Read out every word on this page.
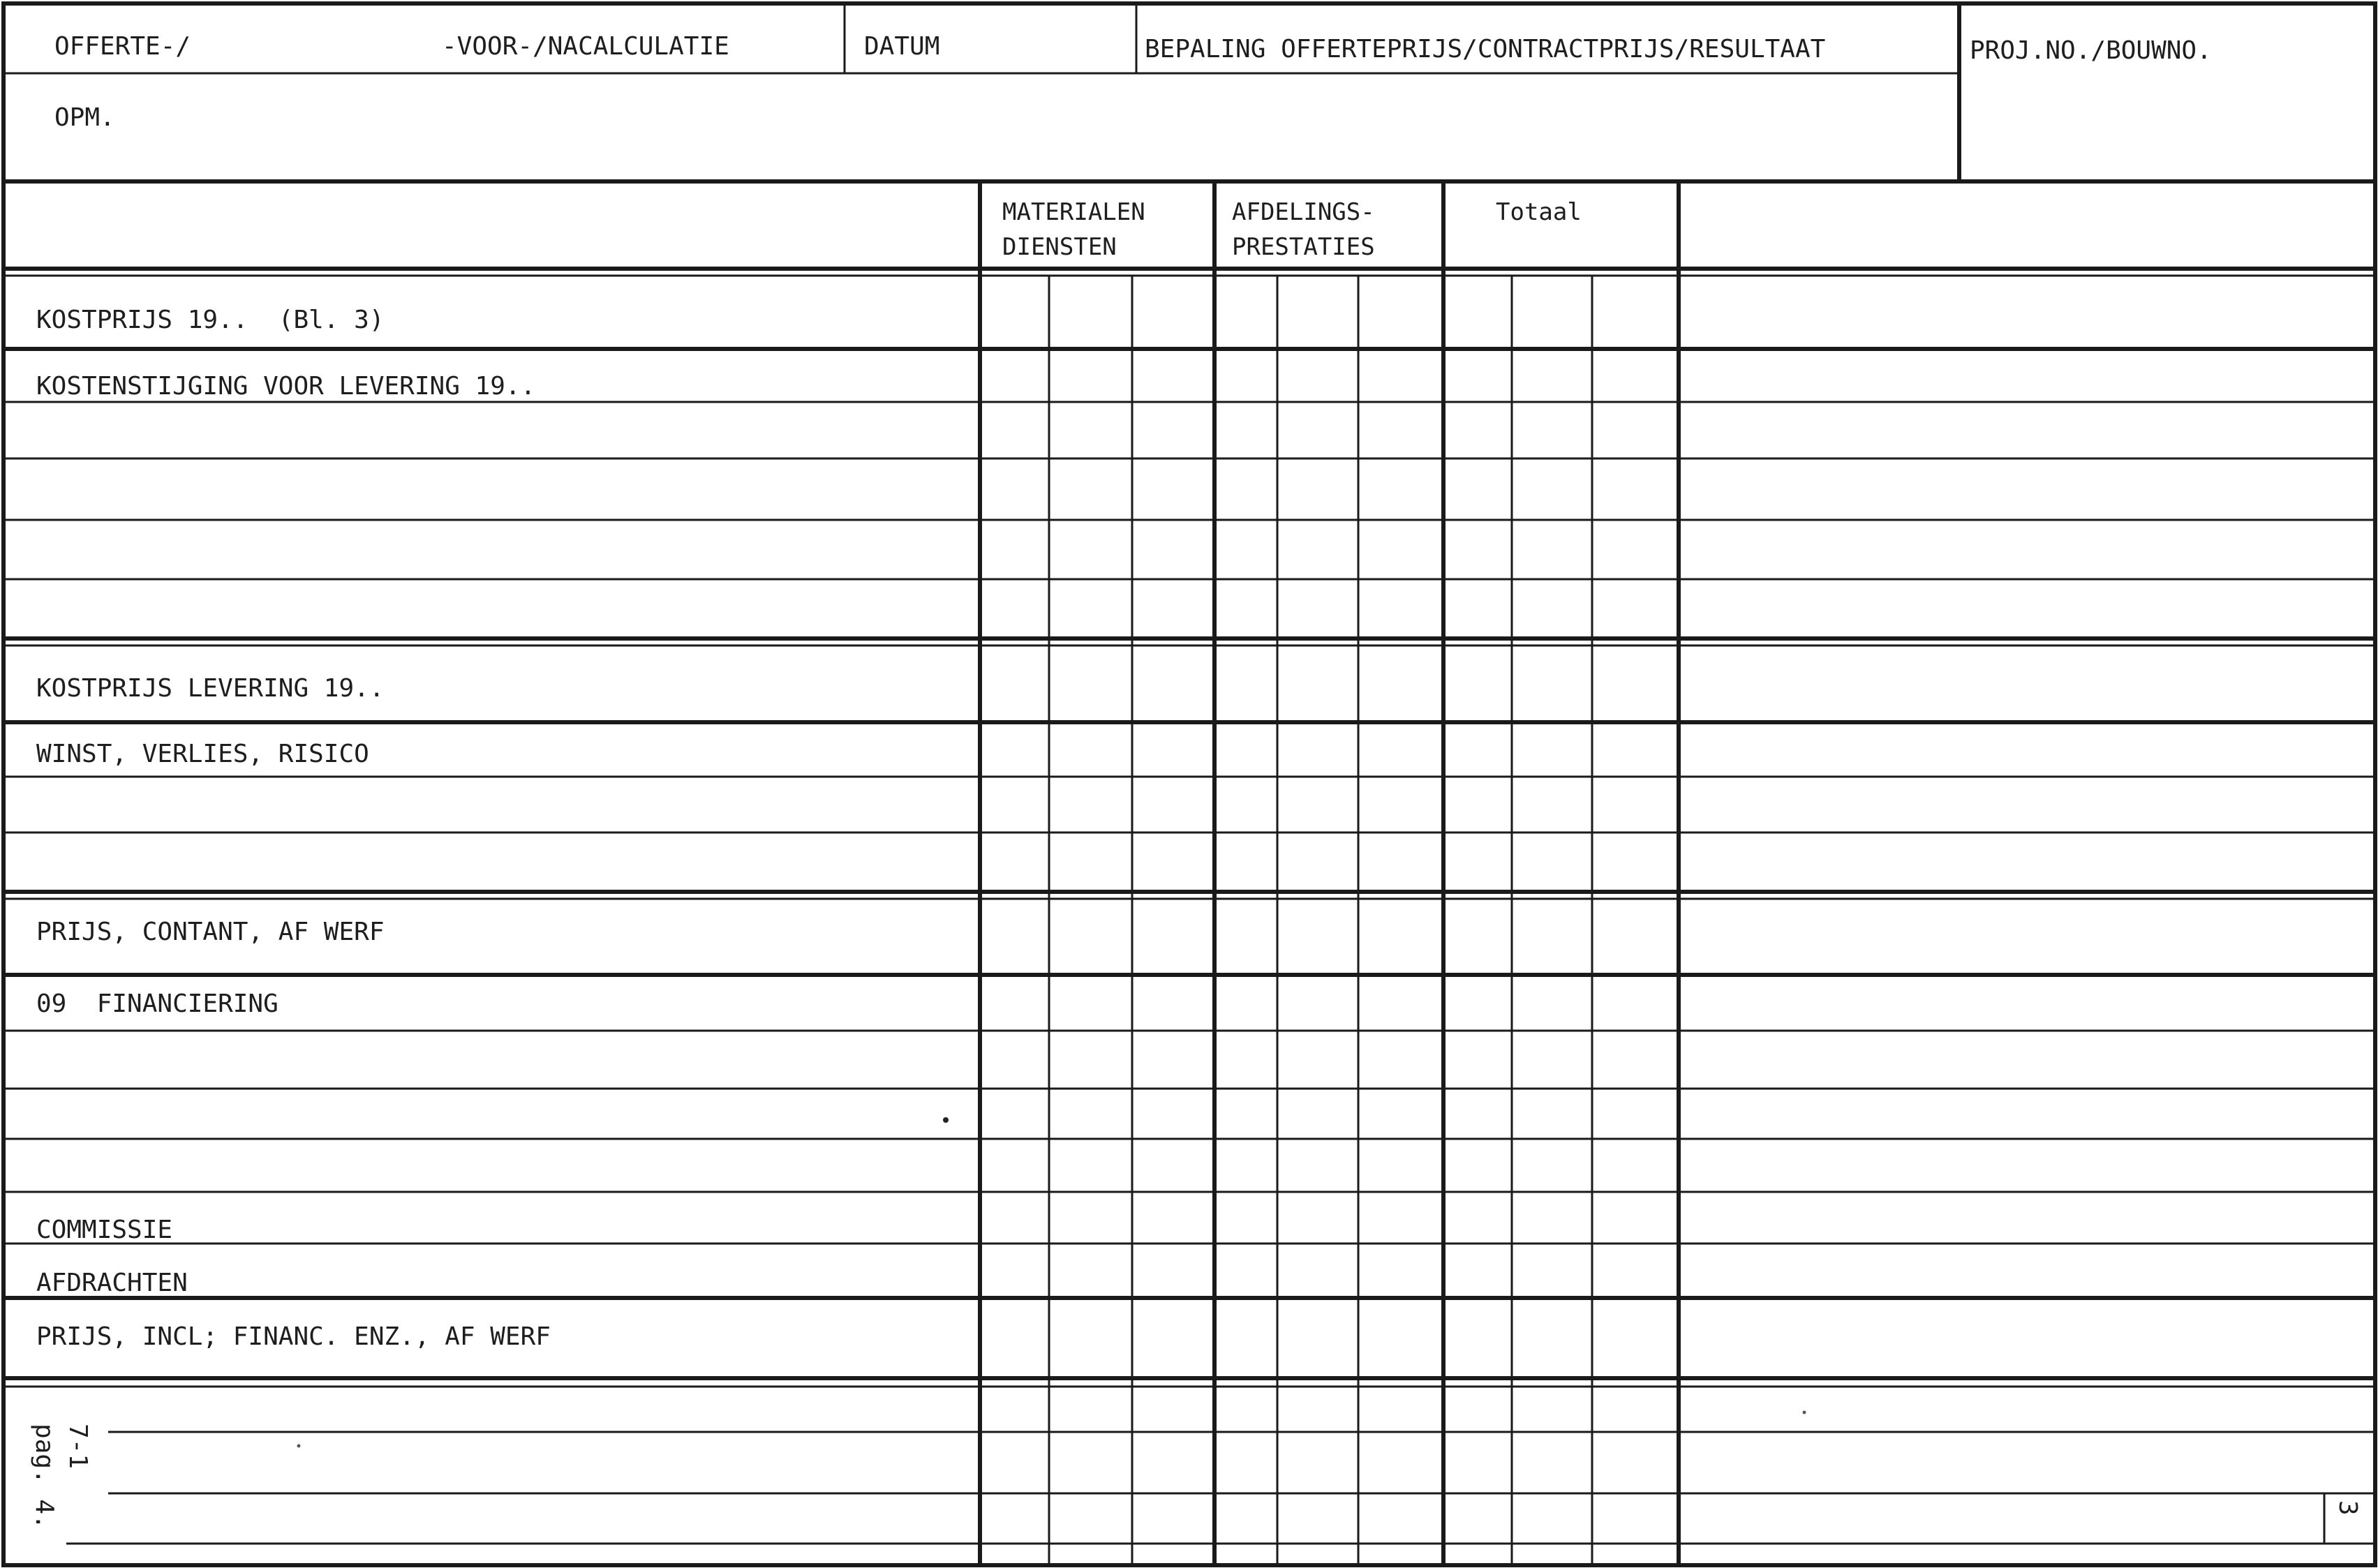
OFFERTE-/	-VOOR-/NACALCULATIE	DATUM	BEPALING OFFERTEPRIJS/CONTRACTPRIJS/RESULTAAT	PROJ.NO./BOUWNO.
OPM.
MATERIALEN
DIENSTEN
AFDELINGS-
PRESTATIES
Totaal
KOSTPRIJS 19..  (Bl. 3)
KOSTENSTIJGING VOOR LEVERING 19..
KOSTPRIJS LEVERING 19..
WINST, VERLIES, RISICO
PRIJS, CONTANT, AF WERF
09  FINANCIERING
COMMISSIE
AFDRACHTEN
PRIJS, INCL; FINANC. ENZ., AF WERF
7-1
pag. 4.	3
